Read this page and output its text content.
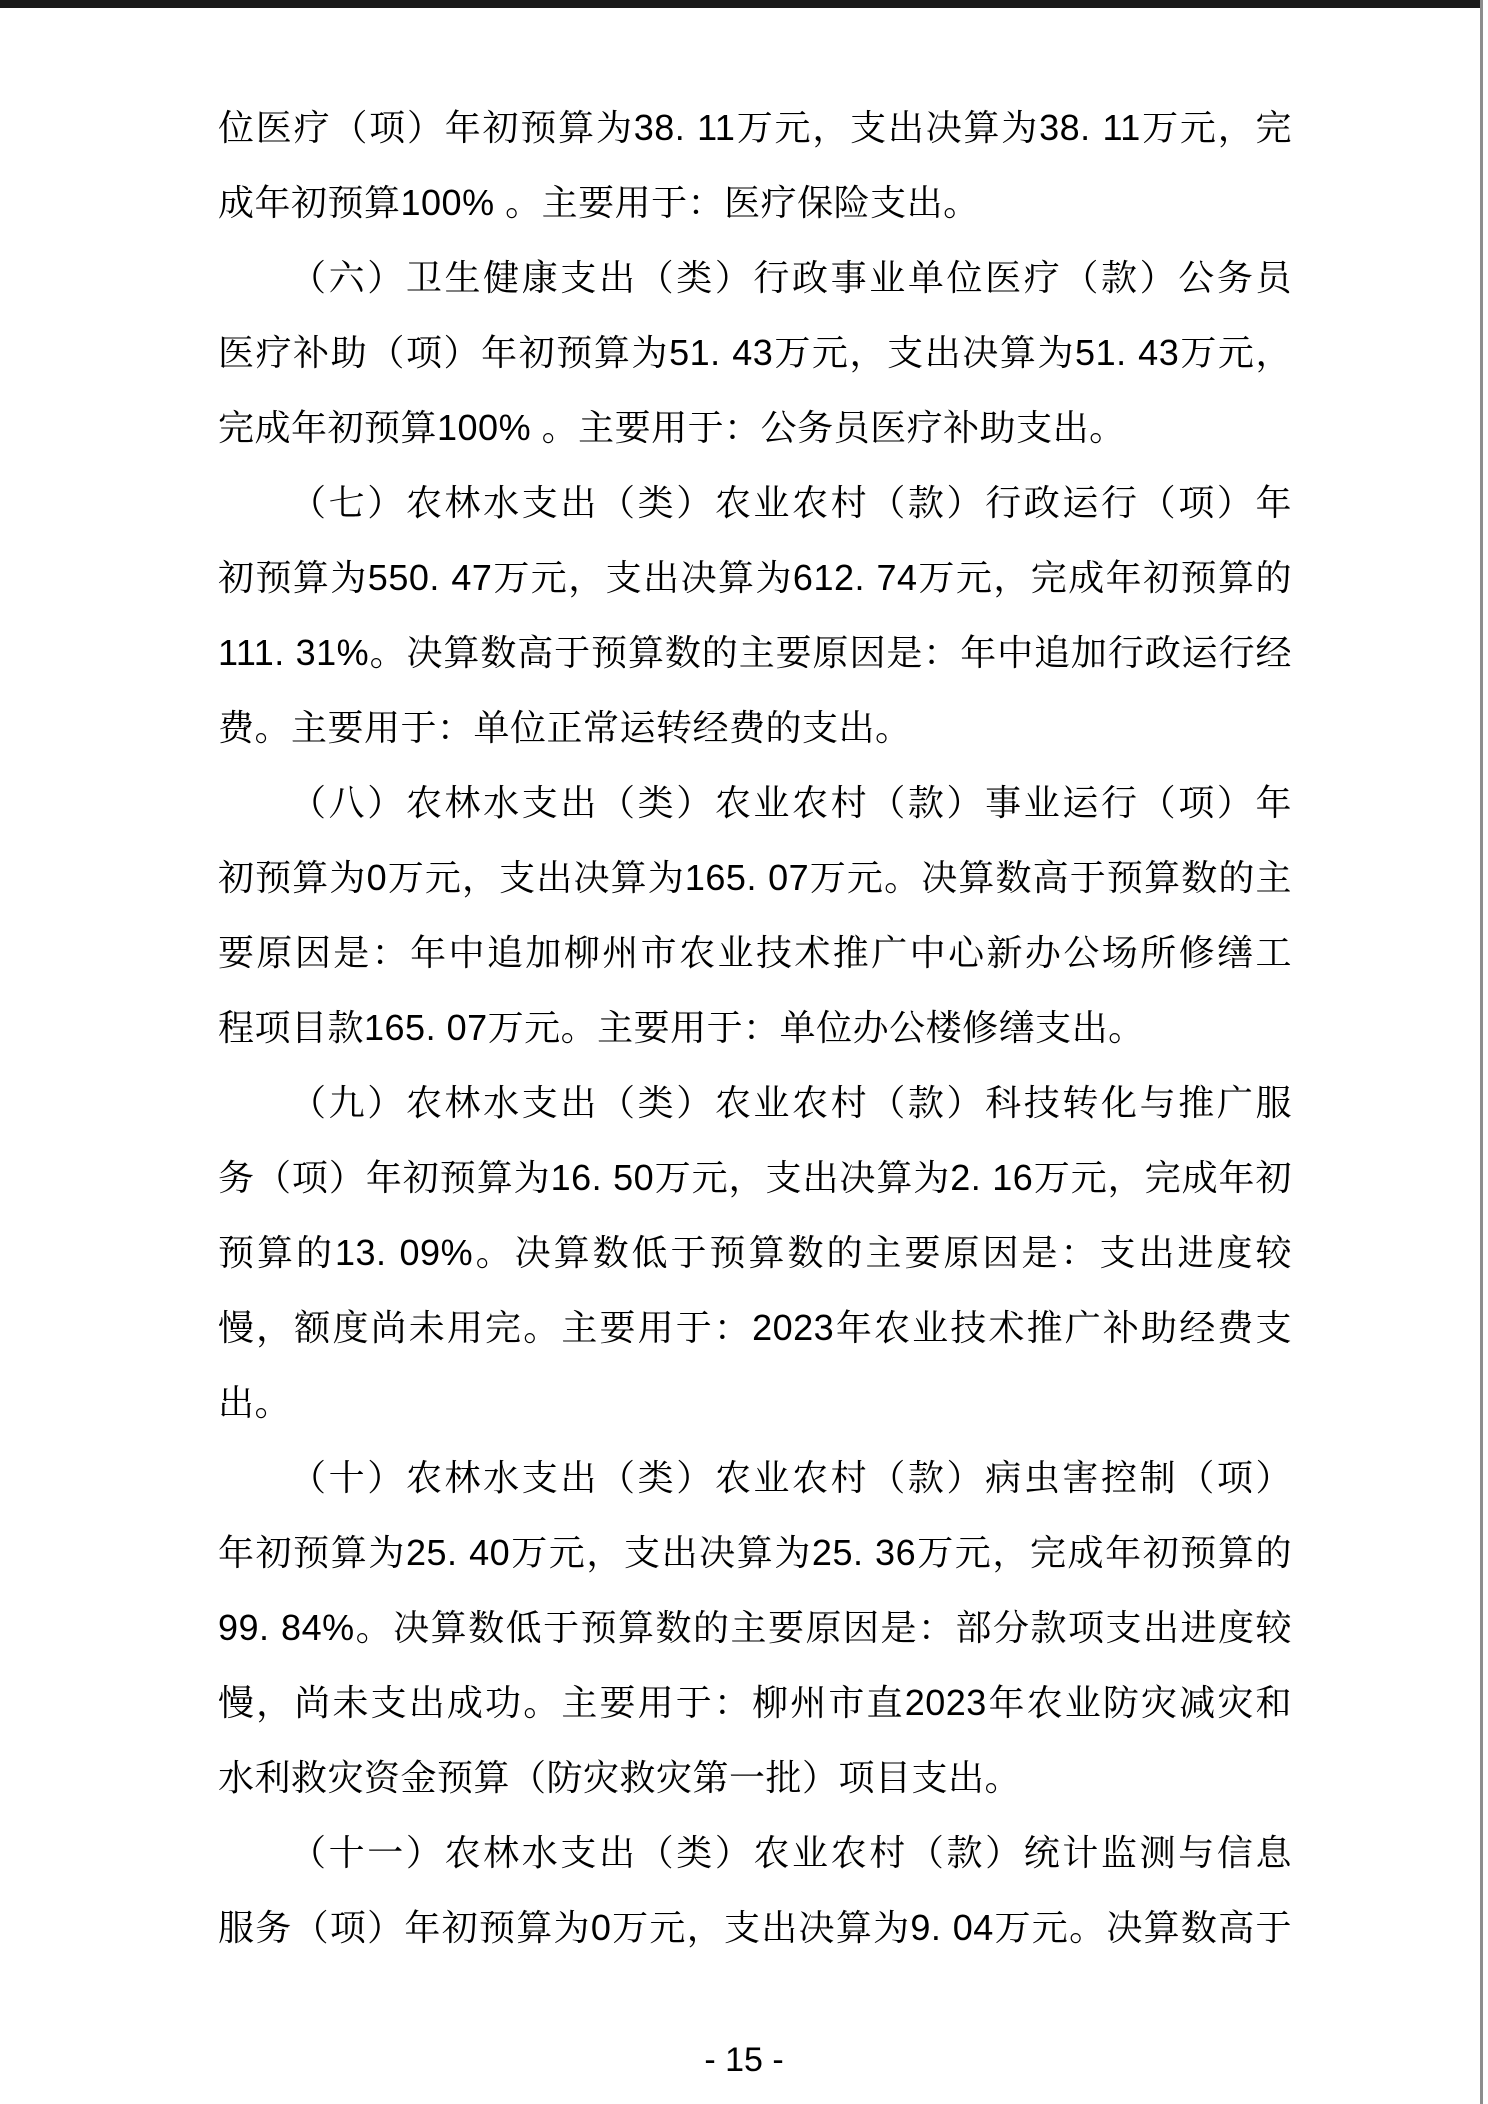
位医疗（项）年初预算为38. 11万元，支出决算为38. 11万元，完
成年初预算100% 。主要用于：医疗保险支出。
（六）卫生健康支出（类）行政事业单位医疗（款）公务员
医疗补助（项）年初预算为51. 43万元，支出决算为51. 43万元，
完成年初预算100% 。主要用于：公务员医疗补助支出。
（七）农林水支出（类）农业农村（款）行政运行（项）年
初预算为550. 47万元，支出决算为612. 74万元，完成年初预算的
111. 31%。决算数高于预算数的主要原因是：年中追加行政运行经
费。主要用于：单位正常运转经费的支出。
（八）农林水支出（类）农业农村（款）事业运行（项）年
初预算为0万元，支出决算为165. 07万元。决算数高于预算数的主
要原因是：年中追加柳州市农业技术推广中心新办公场所修缮工
程项目款165. 07万元。主要用于：单位办公楼修缮支出。
（九）农林水支出（类）农业农村（款）科技转化与推广服
务（项）年初预算为16. 50万元，支出决算为2. 16万元，完成年初
预算的13. 09%。决算数低于预算数的主要原因是：支出进度较
慢，额度尚未用完。主要用于：2023年农业技术推广补助经费支
出。
（十）农林水支出（类）农业农村（款）病虫害控制（项）
年初预算为25. 40万元，支出决算为25. 36万元，完成年初预算的
99. 84%。决算数低于预算数的主要原因是：部分款项支出进度较
慢，尚未支出成功。主要用于：柳州市直2023年农业防灾减灾和
水利救灾资金预算（防灾救灾第一批）项目支出。
（十一）农林水支出（类）农业农村（款）统计监测与信息
服务（项）年初预算为0万元，支出决算为9. 04万元。决算数高于
- 15 -
